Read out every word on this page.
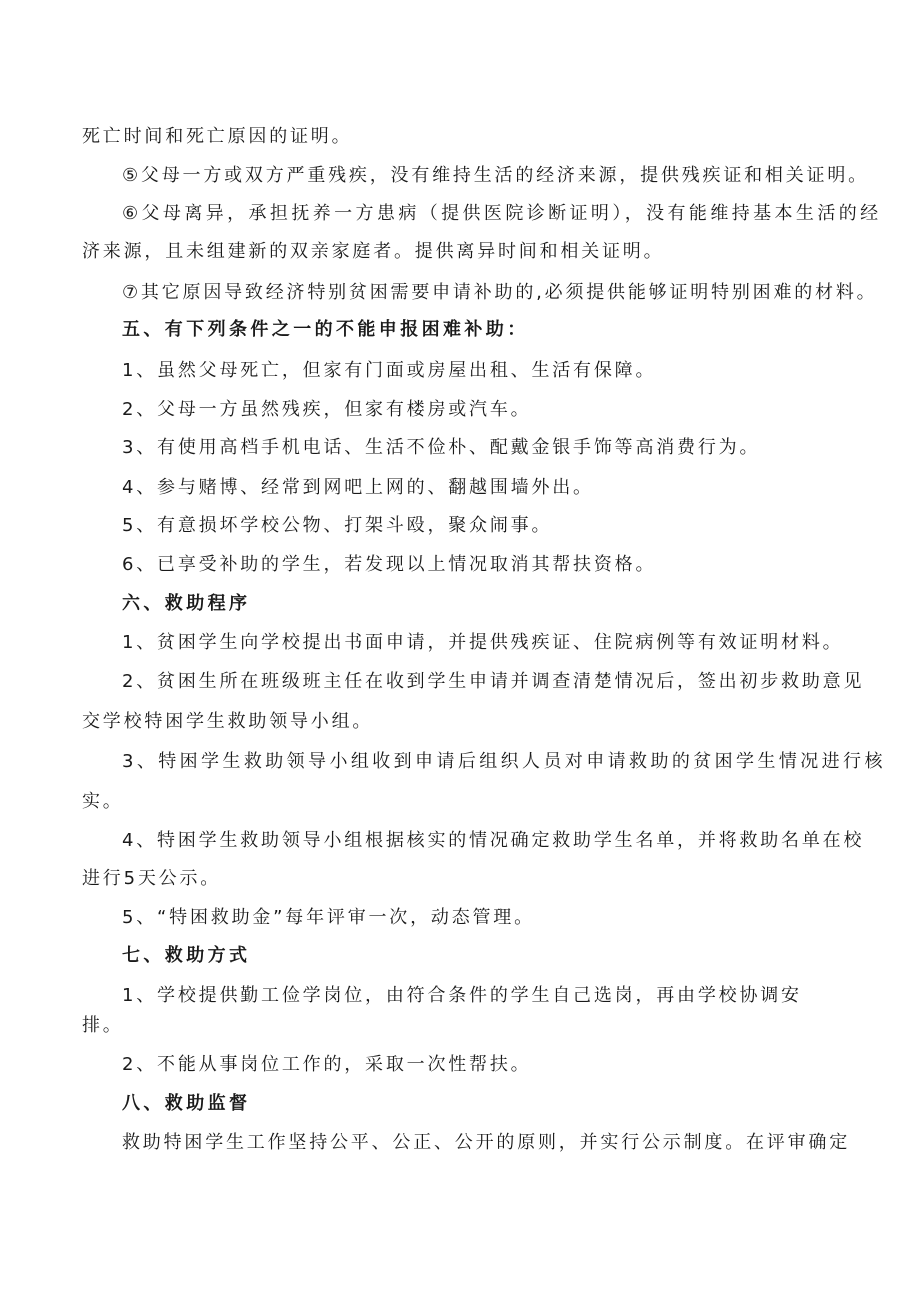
死亡时间和死亡原因的证明。
⑤父母一方或双方严重残疾，没有维持生活的经济来源，提供残疾证和相关证明。
⑥父母离异，承担抚养一方患病（提供医院诊断证明），没有能维持基本生活的经
济来源，且未组建新的双亲家庭者。提供离异时间和相关证明。
⑦其它原因导致经济特别贫困需要申请补助的,必须提供能够证明特别困难的材料。
五、有下列条件之一的不能申报困难补助：
1、虽然父母死亡，但家有门面或房屋出租、生活有保障。
2、父母一方虽然残疾，但家有楼房或汽车。
3、有使用高档手机电话、生活不俭朴、配戴金银手饰等高消费行为。
4、参与赌博、经常到网吧上网的、翻越围墙外出。
5、有意损坏学校公物、打架斗殴，聚众闹事。
6、已享受补助的学生，若发现以上情况取消其帮扶资格。
六、救助程序
1、贫困学生向学校提出书面申请，并提供残疾证、住院病例等有效证明材料。
2、贫困生所在班级班主任在收到学生申请并调查清楚情况后，签出初步救助意见
交学校特困学生救助领导小组。
3、特困学生救助领导小组收到申请后组织人员对申请救助的贫困学生情况进行核
实。
4、特困学生救助领导小组根据核实的情况确定救助学生名单，并将救助名单在校
进行5天公示。
5、“特困救助金”每年评审一次，动态管理。
七、救助方式
1、学校提供勤工俭学岗位，由符合条件的学生自己选岗，再由学校协调安
排。
2、不能从事岗位工作的，采取一次性帮扶。
八、救助监督
救助特困学生工作坚持公平、公正、公开的原则，并实行公示制度。在评审确定
